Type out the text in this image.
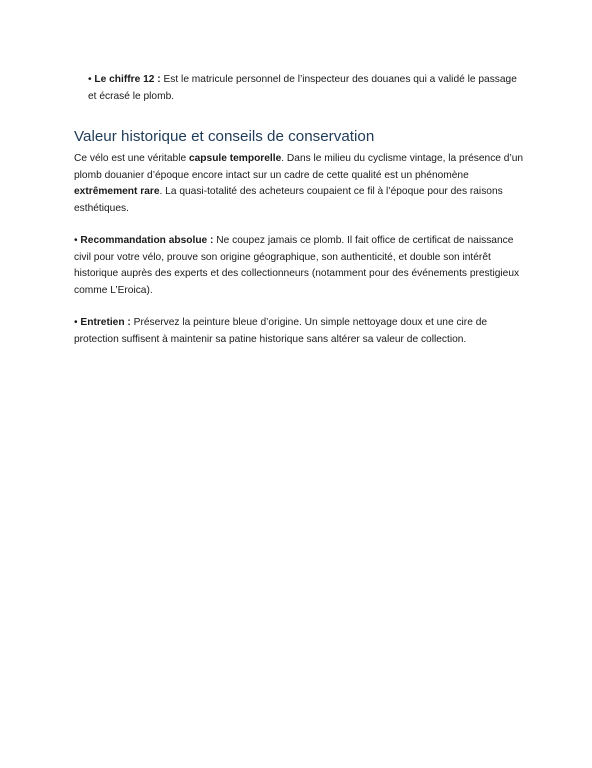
• Le chiffre 12 : Est le matricule personnel de l’inspecteur des douanes qui a validé le passage
et écrasé le plomb.

Valeur historique et conseils de conservation

Ce vélo est une véritable capsule temporelle. Dans le milieu du cyclisme vintage, la présence d’un plomb douanier d’époque encore intact sur un cadre de cette qualité est un phénomène extrêmement rare. La quasi-totalité des acheteurs coupaient ce fil à l’époque pour des raisons esthétiques.

• Recommandation absolue : Ne coupez jamais ce plomb. Il fait office de certificat de naissance civil pour votre vélo, prouve son origine géographique, son authenticité, et double son intérêt historique auprès des experts et des collectionneurs (notamment pour des événements prestigieux comme L’Eroica).

• Entretien : Préservez la peinture bleue d’origine. Un simple nettoyage doux et une cire de protection suffisent à maintenir sa patine historique sans altérer sa valeur de collection.
